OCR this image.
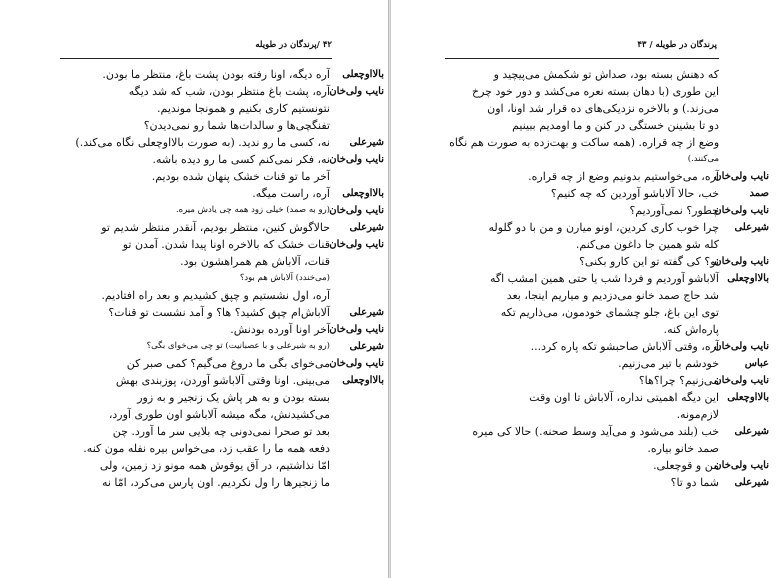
۴۲ /پرندگان در طویله
بالااوچعلی
آره دیگه، اونا رفته بودن پشت باغ، منتظر ما بودن.
نایب ولی‌خان
آره، پشت باغ منتظر بودن، شب که شد دیگه
نتونستیم کاری بکنیم و همونجا موندیم.
تفنگچی‌ها و سالدات‌ها شما رو نمی‌دیدن؟
شیرعلی
نه، کسی ما رو ندید. (به صورت بالااوچعلی نگاه می‌کند.)
نایب ولی‌خان
نه، فکر نمی‌کنم کسی ما رو دیده باشه.
آخر ما تو قنات خشک پنهان شده بودیم.
بالااوچعلی
آره، راست میگه.
نایب ولی‌خان
(رو به صمد) خیلی زود همه چی یادش میره.
شیرعلی
حالاگوش کنین، منتظر بودیم، آنقدر منتظر شدیم تو
نایب ولی‌خان
قنات خشک که بالاخره اونا پیدا شدن. آمدن تو
قنات، آلاباش هم همراهشون بود.
(می‌خندد) آلاباش هم بود؟
آره، اول نشستیم و چپق کشیدیم و بعد راه افتادیم.
شیرعلی
آلاباش‌ام چپق کشید؟ ها؟ و آمد نشست تو قنات؟
نایب ولی‌خان
آخر اونا آورده بودنش.
شیرعلی
(رو به شیرعلی و با عصبانیت) تو چی می‌خوای بگی؟
نایب ولی‌خان
می‌خوای بگی ما دروغ می‌گیم؟ کمی صبر کن
بالااوچعلی
می‌بینی. اونا وقتی آلاباشو آوردن، پوزبندی بهش
بسته بودن و به هر پاش یک زنجیر و به زور
می‌کشیدنش، مگه میشه آلاباشو اون طوری آورد،
بعد تو صحرا نمی‌دونی چه بلایی سر ما آورد. چن
دفعه همه ما را عقب زد، می‌خواس بیره نفله مون کنه.
امّا نذاشتیم، در آق یوقوش همه مونو زد زمین، ولی
ما زنجیرها را ول نکردیم. اون پارس می‌کرد، امّا نه
پرندگان در طویله / ۴۳
که دهنش بسته بود، صداش تو شکمش می‌پیچید و
این طوری (با دهان بسته نعره می‌کشد و دور خود چرخ
می‌زند.) و بالاخره نزدیکی‌های ده قرار شد اونا، اون
دو تا بشینن خستگی در کنن و ما اومدیم ببینیم
وضع از چه قراره. (همه ساکت و بهت‌زده به صورت هم نگاه
می‌کنند.)
نایب ولی‌خان
آره، می‌خواستیم بدونیم وضع از چه قراره.
صمد
خب، حالا آلاباشو آوردین که چه کنیم؟
نایب ولی‌خان
چطور؟ نمی‌آوردیم؟
شیرعلی
چرا خوب کاری کردین، اونو میارن و من با دو گلوله
کله شو همین جا داغون می‌کنم.
نایب ولی‌خان
نو؟ کی گفته تو این کارو بکنی؟
بالااوچعلی
آلاباشو آوردیم و فردا شب یا حتی همین امشب اگه
شد حاج صمد خانو می‌دزدیم و میاریم اینجا، بعد
توی این باغ، جلو چشمای خودمون، می‌ذاریم تکه
پاره‌اش کنه.
نایب ولی‌خان
آره، وقتی آلاباش صاحبشو تکه پاره کرد...
عباس
خودشم با تیر می‌زنیم.
نایب ولی‌خان
می‌زنیم؟ چرا؟ها؟
بالااوچعلی
این دیگه اهمیتی نداره، آلاباش تا اون وقت
لازم‌مونه.
شیرعلی
خب (بلند می‌شود و می‌آید وسط صحنه.) حالا کی میره
صمد خانو بیاره.
نایب ولی‌خان
من و قوچعلی.
شیرعلی
شما دو تا؟
